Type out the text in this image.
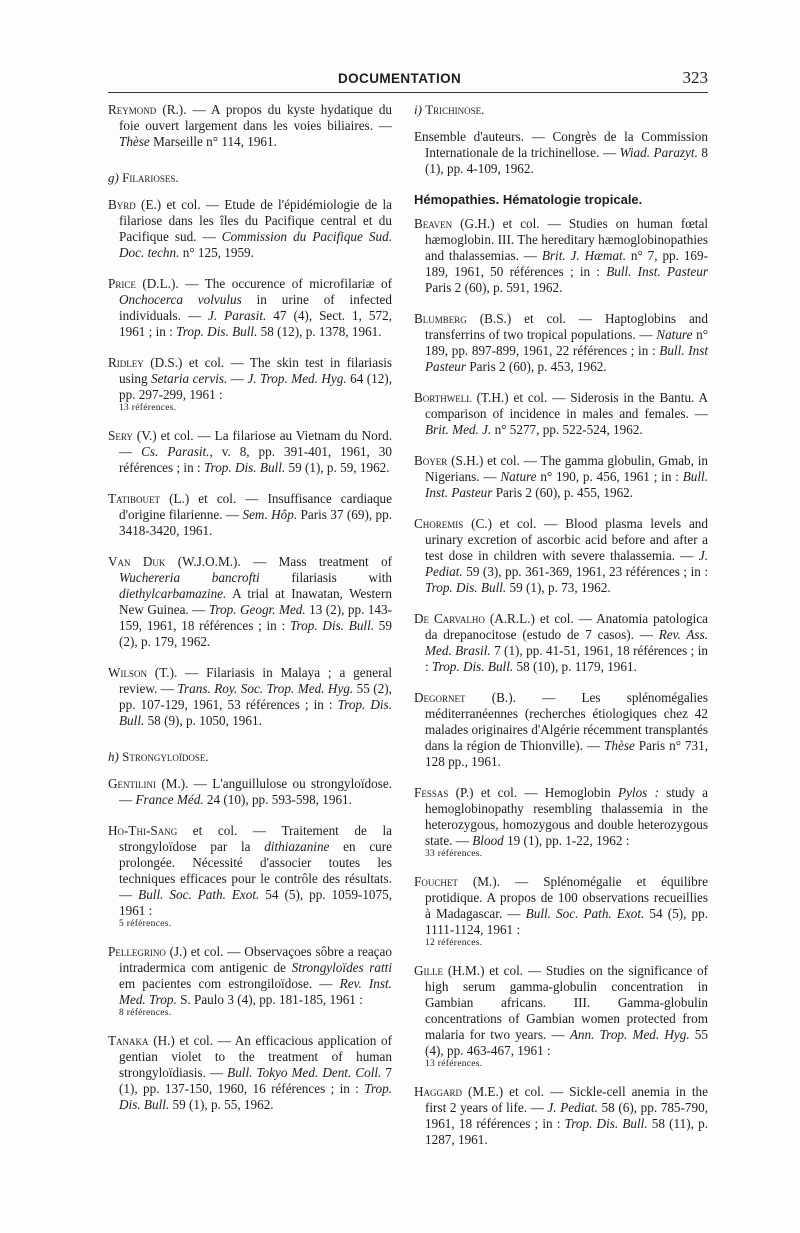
DOCUMENTATION	323

Reymond (R.). — A propos du kyste hydatique du foie ouvert largement dans les voies biliaires. — Thèse Marseille n° 114, 1961.

g) Filarioses.

Byrd (E.) et col. — Etude de l'épidémiologie de la filariose dans les îles du Pacifique central et du Pacifique sud. — Commission du Pacifique Sud. Doc. techn. n° 125, 1959.

Price (D.L.). — The occurence of microfilariæ of Onchocerca volvulus in urine of infected individuals. — J. Parasit. 47 (4), Sect. 1, 572, 1961 ; in : Trop. Dis. Bull. 58 (12), p. 1378, 1961.

Ridley (D.S.) et col. — The skin test in filariasis using Setaria cervis. — J. Trop. Med. Hyg. 64 (12), pp. 297-299, 1961 :
13 références.

Sery (V.) et col. — La filariose au Vietnam du Nord. — Cs. Parasit., v. 8, pp. 391-401, 1961, 30 références ; in : Trop. Dis. Bull. 59 (1), p. 59, 1962.

Tatibouet (L.) et col. — Insuffisance cardiaque d'origine filarienne. — Sem. Hôp. Paris 37 (69), pp. 3418-3420, 1961.

Van Duk (W.J.O.M.). — Mass treatment of Wuchereria bancrofti filariasis with diethylcarbamazine. A trial at Inawatan, Western New Guinea. — Trop. Geogr. Med. 13 (2), pp. 143-159, 1961, 18 références ; in : Trop. Dis. Bull. 59 (2), p. 179, 1962.

Wilson (T.). — Filariasis in Malaya ; a general review. — Trans. Roy. Soc. Trop. Med. Hyg. 55 (2), pp. 107-129, 1961, 53 références ; in : Trop. Dis. Bull. 58 (9), p. 1050, 1961.

h) Strongyloïdose.

Gentilini (M.). — L'anguillulose ou strongyloïdose. — France Méd. 24 (10), pp. 593-598, 1961.

Ho-Thi-Sang et col. — Traitement de la strongyloïdose par la dithiazanine en cure prolongée. Nécessité d'associer toutes les techniques efficaces pour le contrôle des résultats. — Bull. Soc. Path. Exot. 54 (5), pp. 1059-1075, 1961 :
5 références.

Pellegrino (J.) et col. — Observaçoes sôbre a reaçao intradermica com antigenic de Strongyloïdes ratti em pacientes com estrongiloïdose. — Rev. Inst. Med. Trop. S. Paulo 3 (4), pp. 181-185, 1961 :
8 références.

Tanaka (H.) et col. — An efficacious application of gentian violet to the treatment of human strongyloïdiasis. — Bull. Tokyo Med. Dent. Coll. 7 (1), pp. 137-150, 1960, 16 références ; in : Trop. Dis. Bull. 59 (1), p. 55, 1962.

i) Trichinose.

Ensemble d'auteurs. — Congrès de la Commission Internationale de la trichinellose. — Wiad. Parazyt. 8 (1), pp. 4-109, 1962.

Hémopathies. Hématologie tropicale.

Beaven (G.H.) et col. — Studies on human fœtal hæmoglobin. III. The hereditary hæmoglobinopathies and thalassemias. — Brit. J. Hæmat. n° 7, pp. 169-189, 1961, 50 références ; in : Bull. Inst. Pasteur Paris 2 (60), p. 591, 1962.

Blumberg (B.S.) et col. — Haptoglobins and transferrins of two tropical populations. — Nature n° 189, pp. 897-899, 1961, 22 références ; in : Bull. Inst Pasteur Paris 2 (60), p. 453, 1962.

Borthwell (T.H.) et col. — Siderosis in the Bantu. A comparison of incidence in males and females. — Brit. Med. J. n° 5277, pp. 522-524, 1962.

Boyer (S.H.) et col. — The gamma globulin, Gmab, in Nigerians. — Nature n° 190, p. 456, 1961 ; in : Bull. Inst. Pasteur Paris 2 (60), p. 455, 1962.

Choremis (C.) et col. — Blood plasma levels and urinary excretion of ascorbic acid before and after a test dose in children with severe thalassemia. — J. Pediat. 59 (3), pp. 361-369, 1961, 23 références ; in : Trop. Dis. Bull. 59 (1), p. 73, 1962.

De Carvalho (A.R.L.) et col. — Anatomia patologica da drepanocitose (estudo de 7 casos). — Rev. Ass. Med. Brasil. 7 (1), pp. 41-51, 1961, 18 références ; in : Trop. Dis. Bull. 58 (10), p. 1179, 1961.

Degornet (B.). — Les splénomégalies méditerranéennes (recherches étiologiques chez 42 malades originaires d'Algérie récemment transplantés dans la région de Thionville). — Thèse Paris n° 731, 128 pp., 1961.

Fessas (P.) et col. — Hemoglobin Pylos : study a hemoglobinopathy resembling thalassemia in the heterozygous, homozygous and double heterozygous state. — Blood 19 (1), pp. 1-22, 1962 :
33 références.

Fouchet (M.). — Splénomégalie et équilibre protidique. A propos de 100 observations recueillies à Madagascar. — Bull. Soc. Path. Exot. 54 (5), pp. 1111-1124, 1961 :
12 références.

Gille (H.M.) et col. — Studies on the significance of high serum gamma-globulin concentration in Gambian africans. III. Gamma-globulin concentrations of Gambian women protected from malaria for two years. — Ann. Trop. Med. Hyg. 55 (4), pp. 463-467, 1961 :
13 références.

Haggard (M.E.) et col. — Sickle-cell anemia in the first 2 years of life. — J. Pediat. 58 (6), pp. 785-790, 1961, 18 références ; in : Trop. Dis. Bull. 58 (11), p. 1287, 1961.
